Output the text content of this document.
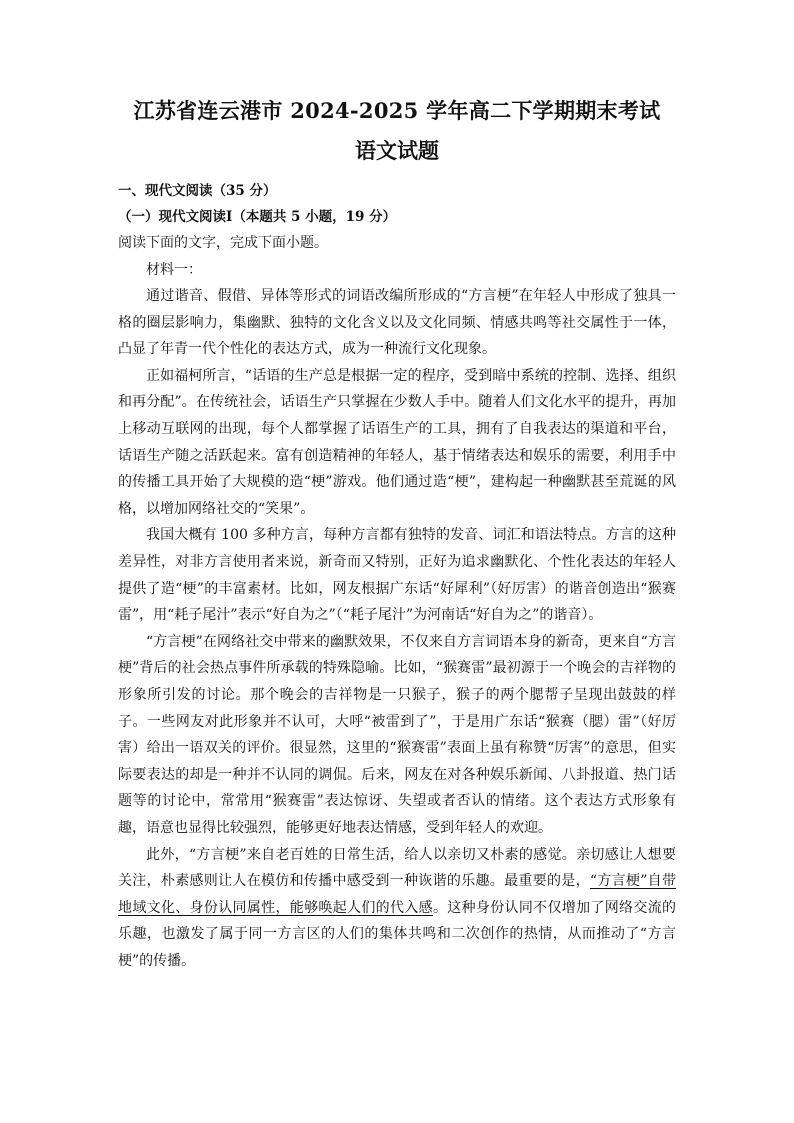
江苏省连云港市 2024-2025 学年高二下学期期末考试
语文试题

一、现代文阅读（35 分）

（一）现代文阅读Ⅰ（本题共 5 小题，19 分）

阅读下面的文字，完成下面小题。

材料一：

通过谐音、假借、异体等形式的词语改编所形成的“方言梗”在年轻人中形成了独具一格的圈层影响力，集幽默、独特的文化含义以及文化同频、情感共鸣等社交属性于一体，凸显了年青一代个性化的表达方式，成为一种流行文化现象。

正如福柯所言，“话语的生产总是根据一定的程序，受到暗中系统的控制、选择、组织和再分配”。在传统社会，话语生产只掌握在少数人手中。随着人们文化水平的提升，再加上移动互联网的出现，每个人都掌握了话语生产的工具，拥有了自我表达的渠道和平台，话语生产随之活跃起来。富有创造精神的年轻人，基于情绪表达和娱乐的需要，利用手中的传播工具开始了大规模的造“梗”游戏。他们通过造“梗”，建构起一种幽默甚至荒诞的风格，以增加网络社交的“笑果”。

我国大概有 100 多种方言，每种方言都有独特的发音、词汇和语法特点。方言的这种差异性，对非方言使用者来说，新奇而又特别，正好为追求幽默化、个性化表达的年轻人提供了造“梗”的丰富素材。比如，网友根据广东话“好犀利”（好厉害）的谐音创造出“猴赛雷”，用“耗子尾汁”表示“好自为之”（“耗子尾汁”为河南话“好自为之”的谐音）。

“方言梗”在网络社交中带来的幽默效果，不仅来自方言词语本身的新奇，更来自“方言梗”背后的社会热点事件所承载的特殊隐喻。比如，“猴赛雷”最初源于一个晚会的吉祥物的形象所引发的讨论。那个晚会的吉祥物是一只猴子，猴子的两个腮帮子呈现出鼓鼓的样子。一些网友对此形象并不认可，大呼“被雷到了”，于是用广东话“猴赛（腮）雷”（好厉害）给出一语双关的评价。很显然，这里的“猴赛雷”表面上虽有称赞“厉害”的意思，但实际要表达的却是一种并不认同的调侃。后来，网友在对各种娱乐新闻、八卦报道、热门话题等的讨论中，常常用“猴赛雷”表达惊讶、失望或者否认的情绪。这个表达方式形象有趣，语意也显得比较强烈，能够更好地表达情感，受到年轻人的欢迎。

此外，“方言梗”来自老百姓的日常生活，给人以亲切又朴素的感觉。亲切感让人想要关注，朴素感则让人在模仿和传播中感受到一种诙谐的乐趣。最重要的是，“方言梗”自带地域文化、身份认同属性，能够唤起人们的代入感。这种身份认同不仅增加了网络交流的乐趣，也激发了属于同一方言区的人们的集体共鸣和二次创作的热情，从而推动了“方言梗”的传播。
